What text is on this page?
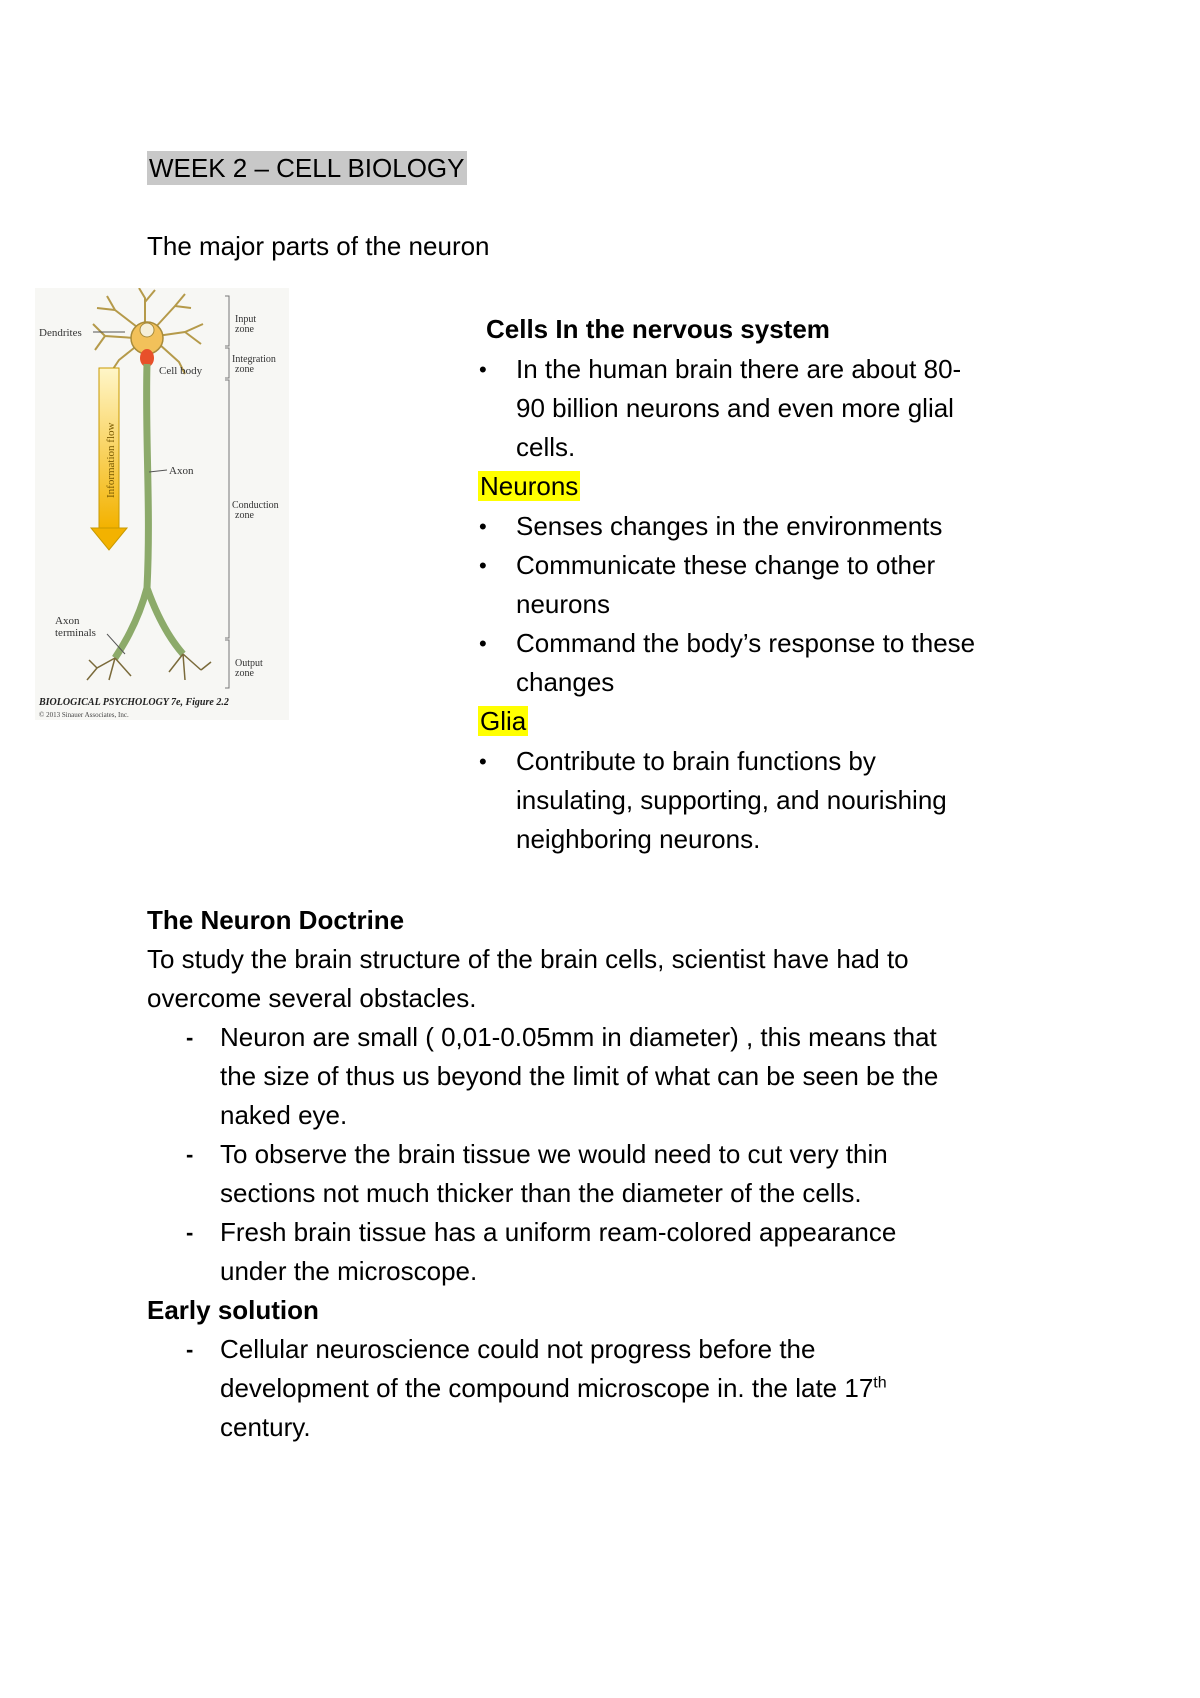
WEEK 2 – CELL BIOLOGY
The major parts of the neuron
Information flow
Input
zone
Integration
zone
Conduction
zone
Output
zone
Dendrites
Cell body
Axon
Axon
terminals
BIOLOGICAL PSYCHOLOGY 7e, Figure 2.2
© 2013 Sinauer Associates, Inc.
Cells In the nervous system
• In the human brain there are about 80-
90 billion neurons and even more glial
cells.
Neurons
• Senses changes in the environments
• Communicate these change to other
neurons
• Command the body’s response to these
changes
Glia
• Contribute to brain functions by
insulating, supporting, and nourishing
neighboring neurons.
The Neuron Doctrine
To study the brain structure of the brain cells, scientist have had to
overcome several obstacles.
- Neuron are small ( 0,01-0.05mm in diameter) , this means that
the size of thus us beyond the limit of what can be seen be the
naked eye.
- To observe the brain tissue we would need to cut very thin
sections not much thicker than the diameter of the cells.
- Fresh brain tissue has a uniform ream-colored appearance
under the microscope.
Early solution
- Cellular neuroscience could not progress before the
development of the compound microscope in. the late 17th
century.
